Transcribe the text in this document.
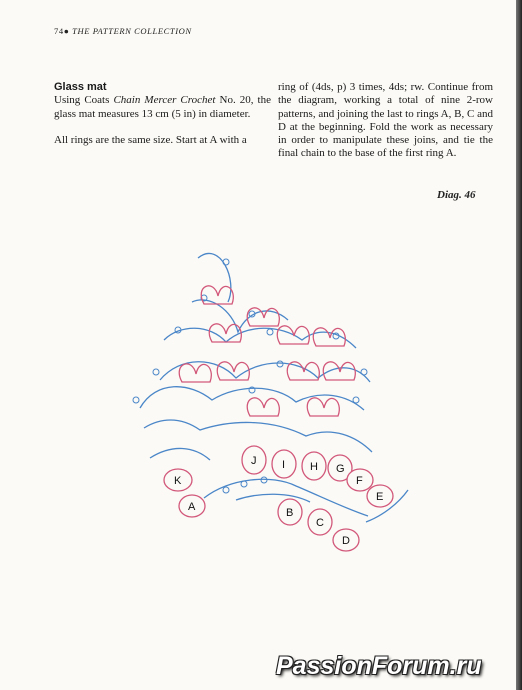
74● THE PATTERN COLLECTION

Glass mat

Using Coats Chain Mercer Crochet No. 20, the glass mat measures 13 cm (5 in) in diameter.

All rings are the same size. Start at A with a

ring of (4ds, p) 3 times, 4ds; rw. Continue from the diagram, working a total of nine 2-row patterns, and joining the last to rings A, B, C and D at the beginning. Fold the work as necessary in order to manipulate these joins, and tie the final chain to the base of the first ring A.

Diag. 46
K
J I H G
F
E
A	B
C
D
PassionForum.ru
